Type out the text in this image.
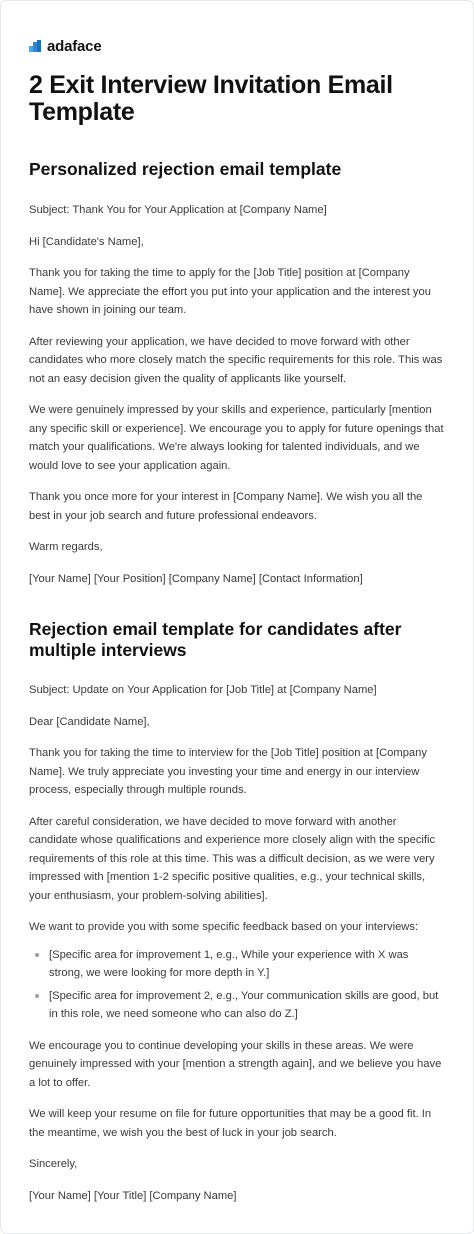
adaface
2 Exit Interview Invitation Email Template
Personalized rejection email template

Subject: Thank You for Your Application at [Company Name]

Hi [Candidate's Name],

Thank you for taking the time to apply for the [Job Title] position at [Company Name]. We appreciate the effort you put into your application and the interest you have shown in joining our team.

After reviewing your application, we have decided to move forward with other candidates who more closely match the specific requirements for this role. This was not an easy decision given the quality of applicants like yourself.

We were genuinely impressed by your skills and experience, particularly [mention any specific skill or experience]. We encourage you to apply for future openings that match your qualifications. We're always looking for talented individuals, and we would love to see your application again.

Thank you once more for your interest in [Company Name]. We wish you all the best in your job search and future professional endeavors.

Warm regards,

[Your Name] [Your Position] [Company Name] [Contact Information]

Rejection email template for candidates after multiple interviews

Subject: Update on Your Application for [Job Title] at [Company Name]

Dear [Candidate Name],

Thank you for taking the time to interview for the [Job Title] position at [Company Name]. We truly appreciate you investing your time and energy in our interview process, especially through multiple rounds.

After careful consideration, we have decided to move forward with another candidate whose qualifications and experience more closely align with the specific requirements of this role at this time. This was a difficult decision, as we were very impressed with [mention 1-2 specific positive qualities, e.g., your technical skills, your enthusiasm, your problem-solving abilities].

We want to provide you with some specific feedback based on your interviews:

[Specific area for improvement 1, e.g., While your experience with X was strong, we were looking for more depth in Y.]
[Specific area for improvement 2, e.g., Your communication skills are good, but in this role, we need someone who can also do Z.]

We encourage you to continue developing your skills in these areas. We were genuinely impressed with your [mention a strength again], and we believe you have a lot to offer.

We will keep your resume on file for future opportunities that may be a good fit. In the meantime, we wish you the best of luck in your job search.

Sincerely,

[Your Name] [Your Title] [Company Name]
